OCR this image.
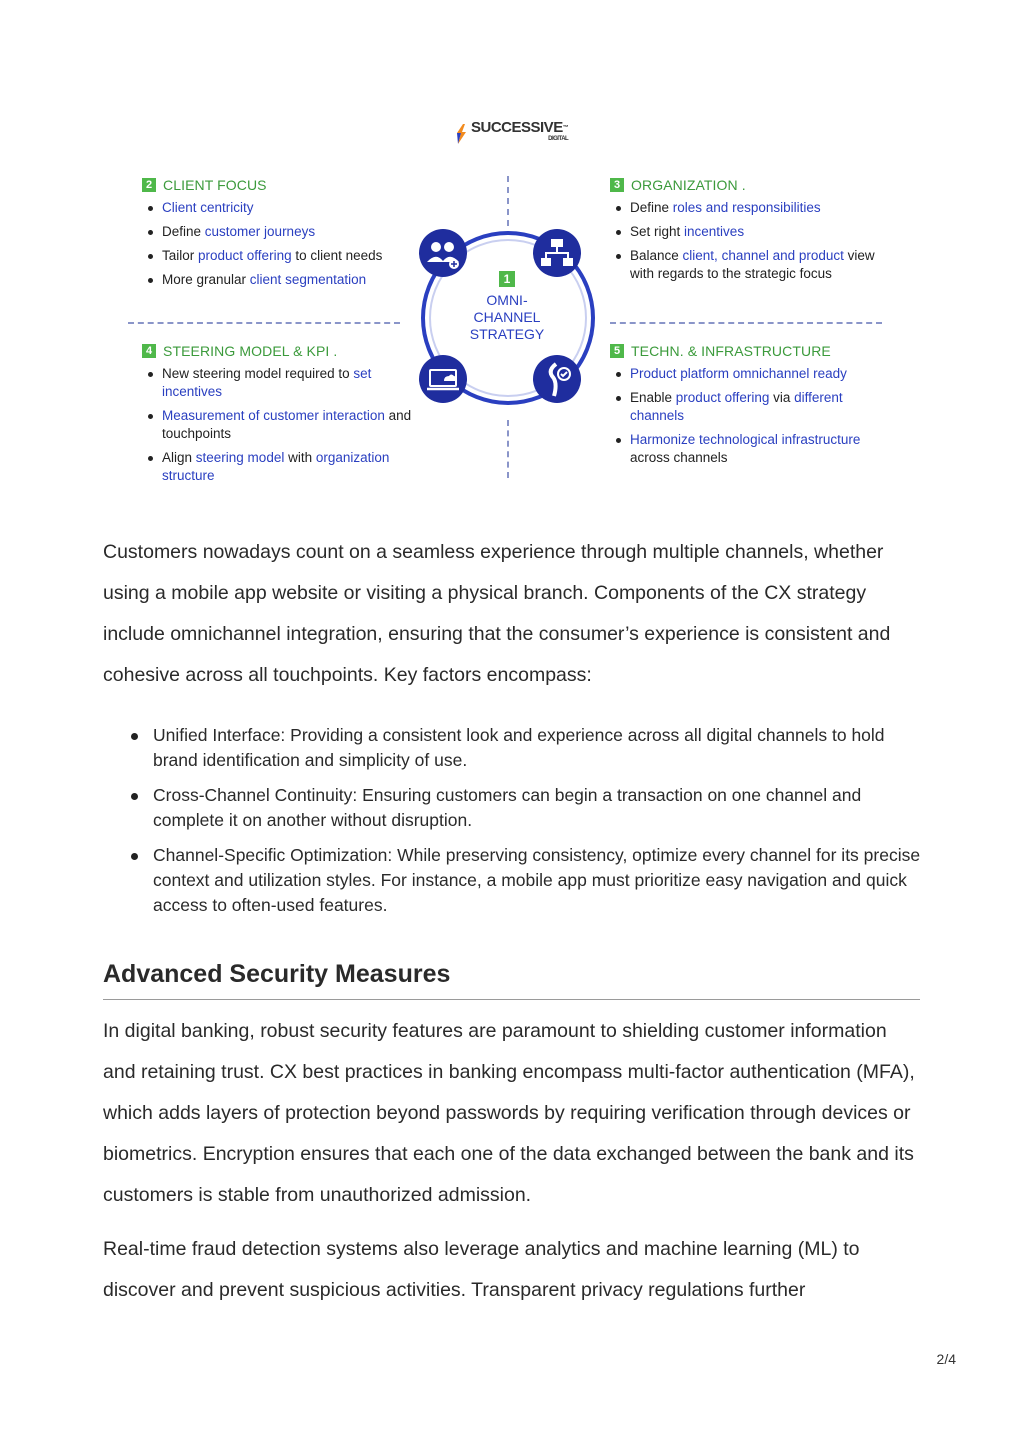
SUCCESSIVE™
DIGITAL
1
OMNI-
CHANNEL
STRATEGY
2 CLIENT FOCUS
Client centricity
Define customer journeys
Tailor product offering to client needs
More granular client segmentation
3 ORGANIZATION .
Define roles and responsibilities
Set right incentives
Balance client, channel and product view with regards to the strategic focus
4 STEERING MODEL & KPI .
New steering model required to set incentives
Measurement of customer interaction and touchpoints
Align steering model with organization structure
5 TECHN. & INFRASTRUCTURE
Product platform omnichannel ready
Enable product offering via different channels
Harmonize technological infrastructure across channels

Customers nowadays count on a seamless experience through multiple channels, whether using a mobile app website or visiting a physical branch. Components of the CX strategy include omnichannel integration, ensuring that the consumer’s experience is consistent and cohesive across all touchpoints. Key factors encompass:

Unified Interface: Providing a consistent look and experience across all digital channels to hold brand identification and simplicity of use.
Cross-Channel Continuity: Ensuring customers can begin a transaction on one channel and complete it on another without disruption.
Channel-Specific Optimization: While preserving consistency, optimize every channel for its precise context and utilization styles. For instance, a mobile app must prioritize easy navigation and quick access to often-used features.
Advanced Security Measures

In digital banking, robust security features are paramount to shielding customer information and retaining trust. CX best practices in banking encompass multi-factor authentication (MFA), which adds layers of protection beyond passwords by requiring verification through devices or biometrics. Encryption ensures that each one of the data exchanged between the bank and its customers is stable from unauthorized admission.

Real-time fraud detection systems also leverage analytics and machine learning (ML) to discover and prevent suspicious activities. Transparent privacy regulations further

2/4
